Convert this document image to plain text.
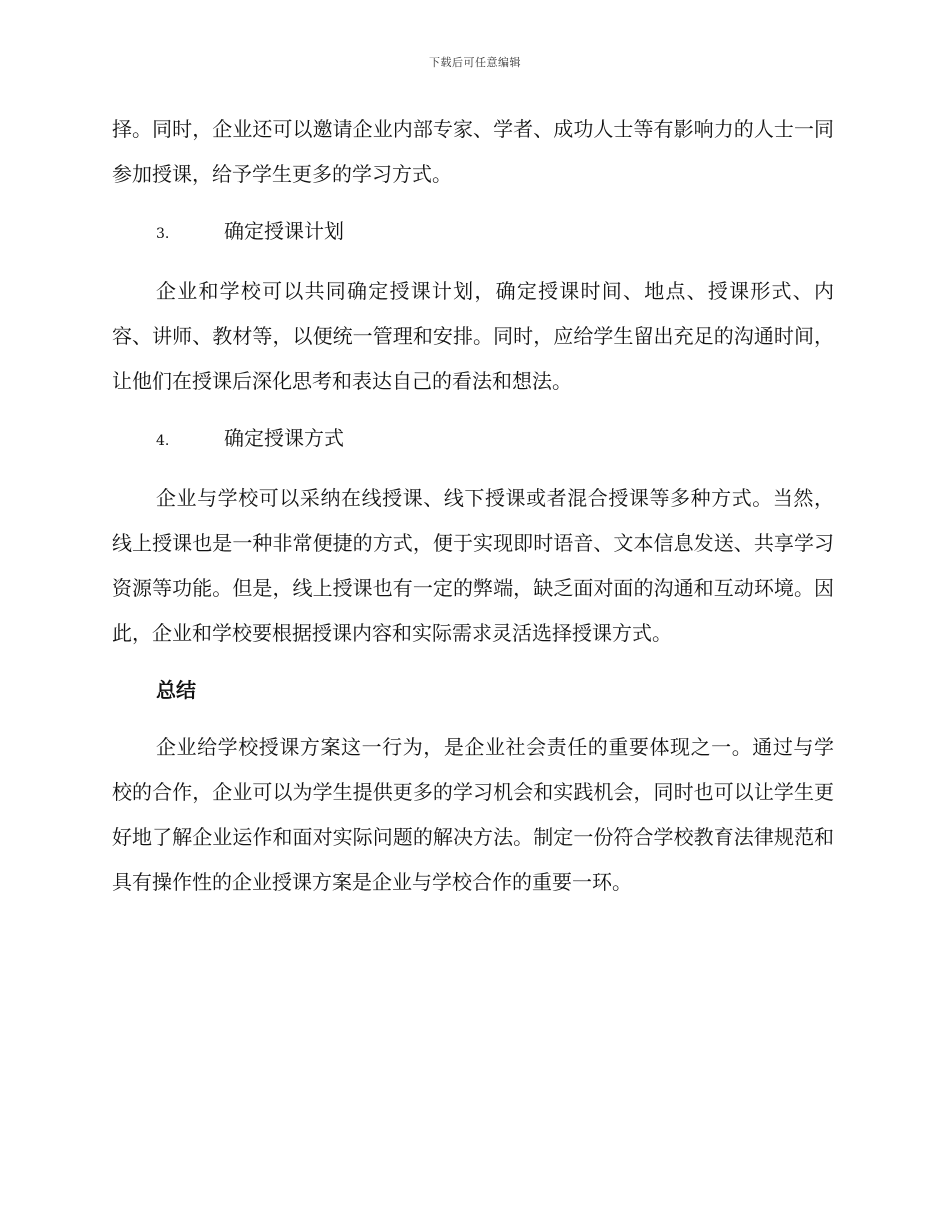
下载后可任意编辑

择。同时，企业还可以邀请企业内部专家、学者、成功人士等有影响力的人士一同参加授课，给予学生更多的学习方式。

3.	确定授课计划

企业和学校可以共同确定授课计划，确定授课时间、地点、授课形式、内容、讲师、教材等，以便统一管理和安排。同时，应给学生留出充足的沟通时间，让他们在授课后深化思考和表达自己的看法和想法。

4.	确定授课方式

企业与学校可以采纳在线授课、线下授课或者混合授课等多种方式。当然，线上授课也是一种非常便捷的方式，便于实现即时语音、文本信息发送、共享学习资源等功能。但是，线上授课也有一定的弊端，缺乏面对面的沟通和互动环境。因此，企业和学校要根据授课内容和实际需求灵活选择授课方式。

总结

企业给学校授课方案这一行为，是企业社会责任的重要体现之一。通过与学校的合作，企业可以为学生提供更多的学习机会和实践机会，同时也可以让学生更好地了解企业运作和面对实际问题的解决方法。制定一份符合学校教育法律规范和具有操作性的企业授课方案是企业与学校合作的重要一环。
